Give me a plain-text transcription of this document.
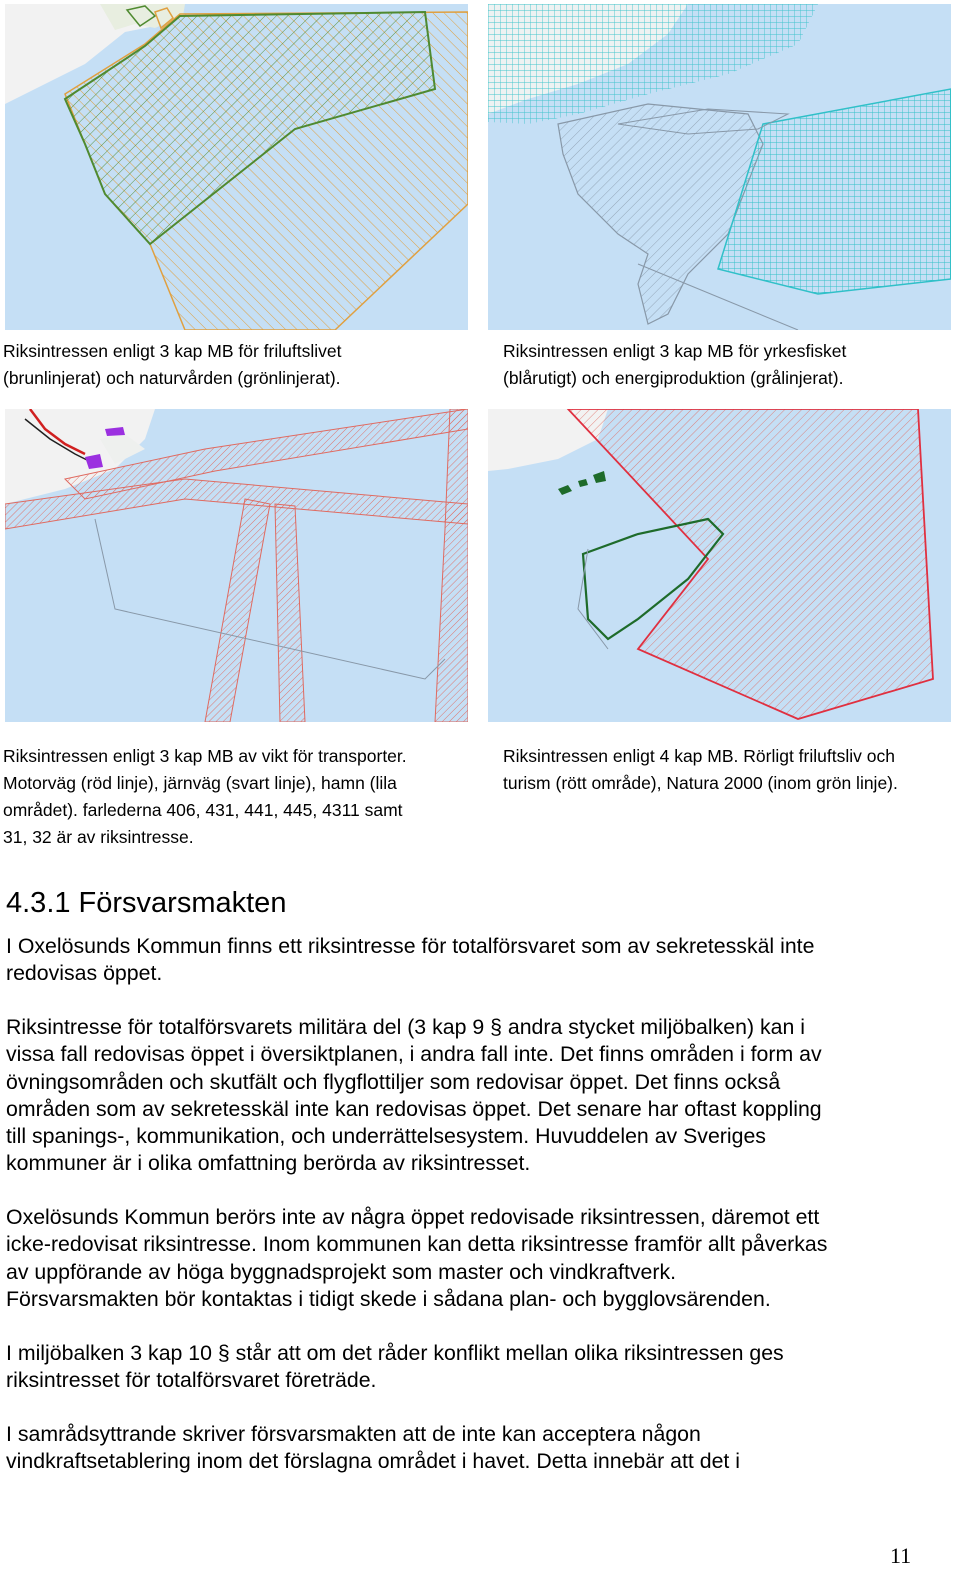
Riksintressen enligt 3 kap MB för friluftslivet
(brunlinjerat) och naturvården (grönlinjerat).

Riksintressen enligt 3 kap MB för yrkesfisket
(blårutigt) och energiproduktion (grålinjerat).

Riksintressen enligt 3 kap MB av vikt för transporter.
Motorväg (röd linje), järnväg (svart linje), hamn (lila
området). farlederna 406, 431, 441, 445, 4311 samt
31, 32 är av riksintresse.

Riksintressen enligt 4 kap MB. Rörligt friluftsliv och
turism (rött område), Natura 2000 (inom grön linje).

4.3.1 Försvarsmakten

I Oxelösunds Kommun finns ett riksintresse för totalförsvaret som av sekretesskäl inte
redovisas öppet.

Riksintresse för totalförsvarets militära del (3 kap 9 § andra stycket miljöbalken) kan i
vissa fall redovisas öppet i översiktplanen, i andra fall inte. Det finns områden i form av
övningsområden och skutfält och flygflottiljer som redovisar öppet. Det finns också
områden som av sekretesskäl inte kan redovisas öppet. Det senare har oftast koppling
till spanings-, kommunikation, och underrättelsesystem. Huvuddelen av Sveriges
kommuner är i olika omfattning berörda av riksintresset.

Oxelösunds Kommun berörs inte av några öppet redovisade riksintressen, däremot ett
icke-redovisat riksintresse. Inom kommunen kan detta riksintresse framför allt påverkas
av uppförande av höga byggnadsprojekt som master och vindkraftverk.
Försvarsmakten bör kontaktas i tidigt skede i sådana plan- och bygglovsärenden.

I miljöbalken 3 kap 10 § står att om det råder konflikt mellan olika riksintressen ges
riksintresset för totalförsvaret företräde.

I samrådsyttrande skriver försvarsmakten att de inte kan acceptera någon
vindkraftsetablering inom det förslagna området i havet. Detta innebär att det i

11
